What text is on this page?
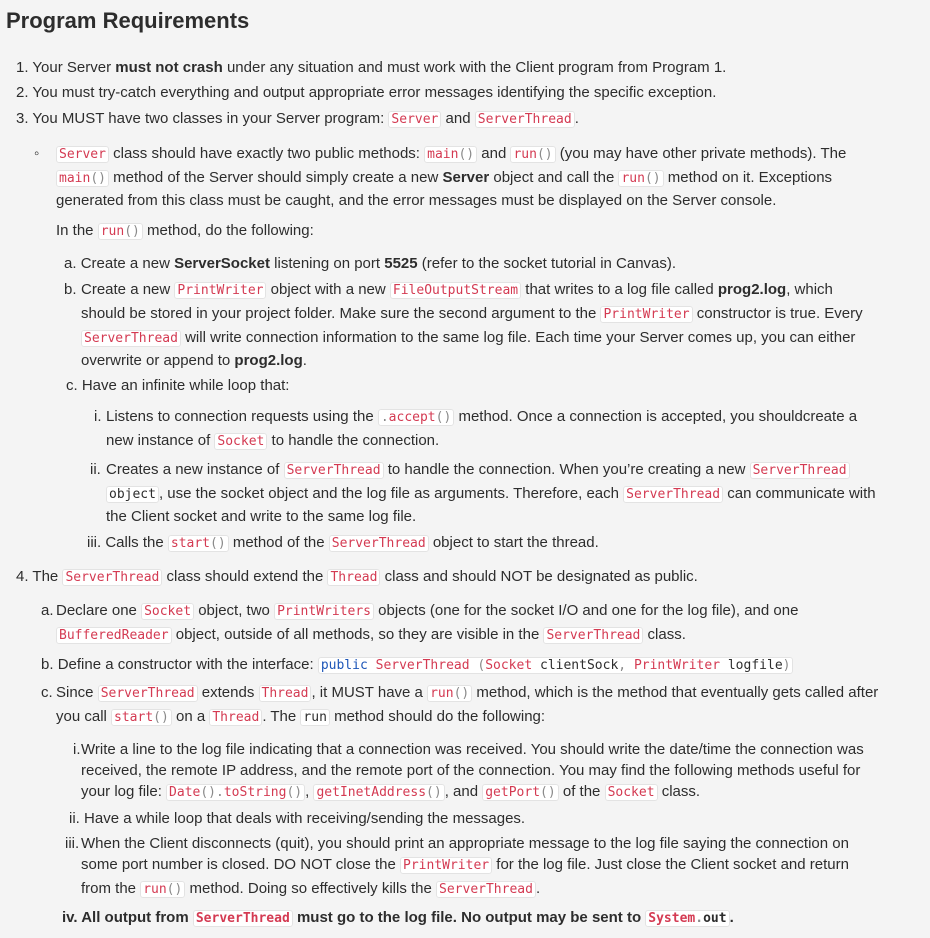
Program Requirements
1. Your Server must not crash under any situation and must work with the Client program from Program 1.
2. You must try-catch everything and output appropriate error messages identifying the specific exception.
3. You MUST have two classes in your Server program: Server and ServerThread .
◦ Server class should have exactly two public methods: main() and run() (you may have other private methods). The
main() method of the Server should simply create a new Server object and call the run() method on it. Exceptions
generated from this class must be caught, and the error messages must be displayed on the Server console.
In the run() method, do the following:
a. Create a new ServerSocket listening on port 5525 (refer to the socket tutorial in Canvas).
b. Create a new PrintWriter object with a new FileOutputStream that writes to a log file called prog2.log, which
should be stored in your project folder. Make sure the second argument to the PrintWriter constructor is true. Every
ServerThread will write connection information to the same log file. Each time your Server comes up, you can either
overwrite or append to prog2.log.
c. Have an infinite while loop that:
i. Listens to connection requests using the .accept() method. Once a connection is accepted, you shouldcreate a
new instance of Socket to handle the connection.
ii. Creates a new instance of ServerThread to handle the connection. When you’re creating a new ServerThread
object , use the socket object and the log file as arguments. Therefore, each ServerThread can communicate with
the Client socket and write to the same log file.
iii. Calls the start() method of the ServerThread object to start the thread.
4. The ServerThread class should extend the Thread class and should NOT be designated as public.
a. Declare one Socket object, two PrintWriters objects (one for the socket I/O and one for the log file), and one
BufferedReader object, outside of all methods, so they are visible in the ServerThread class.
b. Define a constructor with the interface: public ServerThread (Socket clientSock, PrintWriter logfile)
c. Since ServerThread extends Thread , it MUST have a run() method, which is the method that eventually gets called after
you call start() on a Thread . The run method should do the following:
i. Write a line to the log file indicating that a connection was received. You should write the date/time the connection was
received, the remote IP address, and the remote port of the connection. You may find the following methods useful for
your log file: Date().toString() , getInetAddress() , and getPort() of the Socket class.
ii. Have a while loop that deals with receiving/sending the messages.
iii. When the Client disconnects (quit), you should print an appropriate message to the log file saying the connection on
some port number is closed. DO NOT close the PrintWriter for the log file. Just close the Client socket and return
from the run() method. Doing so effectively kills the ServerThread .
iv. All output from ServerThread must go to the log file. No output may be sent to System.out .
